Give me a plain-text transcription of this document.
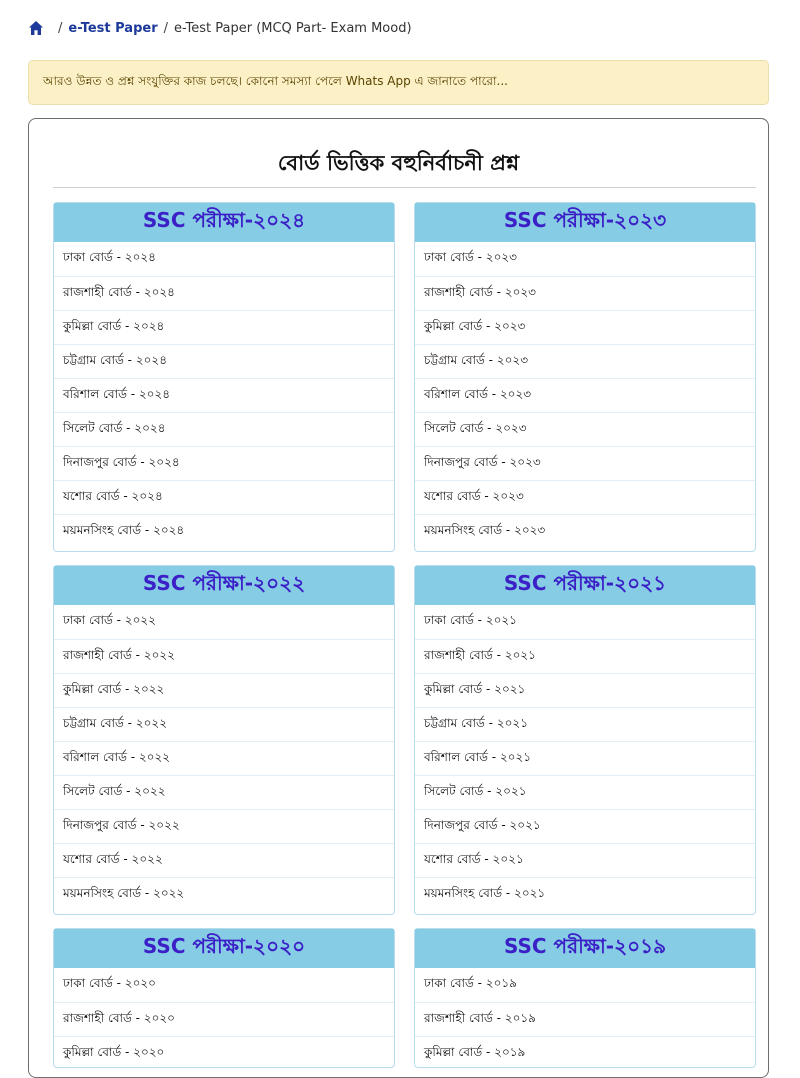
/ e-Test Paper / e-Test Paper (MCQ Part- Exam Mood)
আরও উন্নত ও প্রশ্ন সংযুক্তির কাজ চলছে। কোনো সমস্যা পেলে Whats App এ জানাতে পারো...
বোর্ড ভিত্তিক বহুনির্বাচনী প্রশ্ন
SSC পরীক্ষা-২০২৪
ঢাকা বোর্ড - ২০২৪
রাজশাহী বোর্ড - ২০২৪
কুমিল্লা বোর্ড - ২০২৪
চট্টগ্রাম বোর্ড - ২০২৪
বরিশাল বোর্ড - ২০২৪
সিলেট বোর্ড - ২০২৪
দিনাজপুর বোর্ড - ২০২৪
যশোর বোর্ড - ২০২৪
ময়মনসিংহ বোর্ড - ২০২৪
SSC পরীক্ষা-২০২৩
ঢাকা বোর্ড - ২০২৩
রাজশাহী বোর্ড - ২০২৩
কুমিল্লা বোর্ড - ২০২৩
চট্টগ্রাম বোর্ড - ২০২৩
বরিশাল বোর্ড - ২০২৩
সিলেট বোর্ড - ২০২৩
দিনাজপুর বোর্ড - ২০২৩
যশোর বোর্ড - ২০২৩
ময়মনসিংহ বোর্ড - ২০২৩
SSC পরীক্ষা-২০২২
ঢাকা বোর্ড - ২০২২
রাজশাহী বোর্ড - ২০২২
কুমিল্লা বোর্ড - ২০২২
চট্টগ্রাম বোর্ড - ২০২২
বরিশাল বোর্ড - ২০২২
সিলেট বোর্ড - ২০২২
দিনাজপুর বোর্ড - ২০২২
যশোর বোর্ড - ২০২২
ময়মনসিংহ বোর্ড - ২০২২
SSC পরীক্ষা-২০২১
ঢাকা বোর্ড - ২০২১
রাজশাহী বোর্ড - ২০২১
কুমিল্লা বোর্ড - ২০২১
চট্টগ্রাম বোর্ড - ২০২১
বরিশাল বোর্ড - ২০২১
সিলেট বোর্ড - ২০২১
দিনাজপুর বোর্ড - ২০২১
যশোর বোর্ড - ২০২১
ময়মনসিংহ বোর্ড - ২০২১
SSC পরীক্ষা-২০২০
ঢাকা বোর্ড - ২০২০
রাজশাহী বোর্ড - ২০২০
কুমিল্লা বোর্ড - ২০২০
SSC পরীক্ষা-২০১৯
ঢাকা বোর্ড - ২০১৯
রাজশাহী বোর্ড - ২০১৯
কুমিল্লা বোর্ড - ২০১৯
